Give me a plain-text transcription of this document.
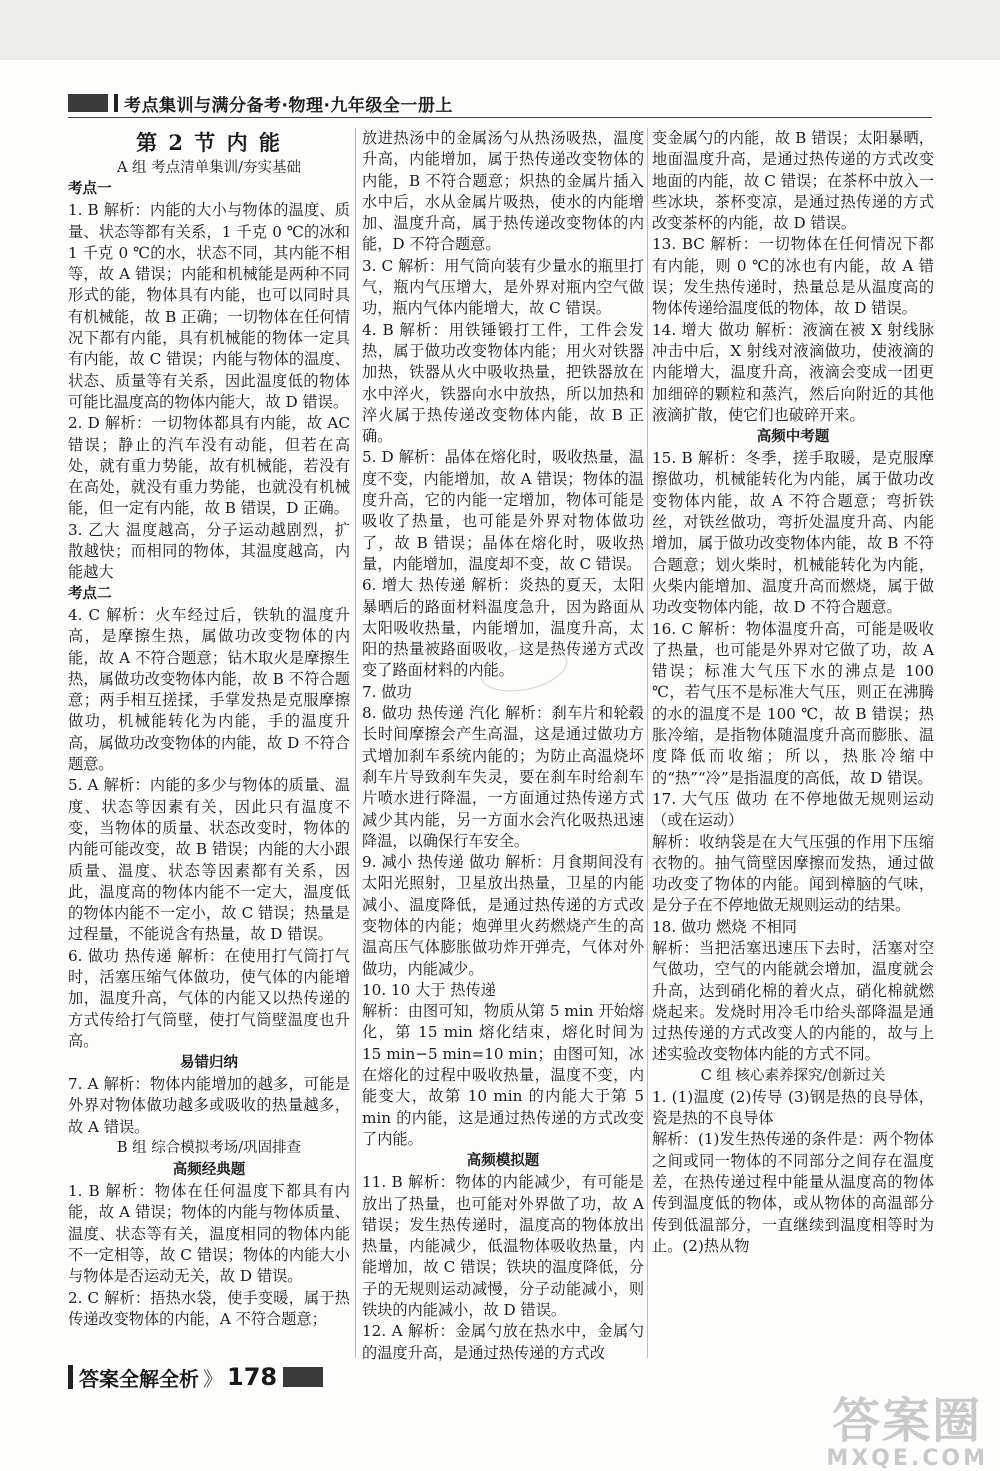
考点集训与满分备考·物理·九年级全一册上
第 2 节 内 能
A 组 考点清单集训/夯实基础
考点一
1. B 解析：内能的大小与物体的温度、质量、状态等都有关系，1 千克 0 ℃的冰和 1 千克 0 ℃的水，状态不同，其内能不相等，故 A 错误；内能和机械能是两种不同形式的能，物体具有内能，也可以同时具有机械能，故 B 正确；一切物体在任何情况下都有内能，具有机械能的物体一定具有内能，故 C 错误；内能与物体的温度、状态、质量等有关系，因此温度低的物体可能比温度高的物体内能大，故 D 错误。
2. D 解析：一切物体都具有内能，故 AC 错误；静止的汽车没有动能，但若在高处，就有重力势能，故有机械能，若没有在高处，就没有重力势能，也就没有机械能，但一定有内能，故 B 错误，D 正确。
3. 乙大 温度越高，分子运动越剧烈，扩散越快；而相同的物体，其温度越高，内能越大
考点二
4. C 解析：火车经过后，铁轨的温度升高，是摩擦生热，属做功改变物体的内能，故 A 不符合题意；钻木取火是摩擦生热，属做功改变物体内能，故 B 不符合题意；两手相互搓揉，手掌发热是克服摩擦做功，机械能转化为内能，手的温度升高，属做功改变物体的内能，故 D 不符合题意。
5. A 解析：内能的多少与物体的质量、温度、状态等因素有关，因此只有温度不变，当物体的质量、状态改变时，物体的内能可能改变，故 B 错误；内能的大小跟质量、温度、状态等因素都有关系，因此，温度高的物体内能不一定大，温度低的物体内能不一定小，故 C 错误；热量是过程量，不能说含有热量，故 D 错误。
6. 做功 热传递 解析：在使用打气筒打气时，活塞压缩气体做功，使气体的内能增加，温度升高，气体的内能又以热传递的方式传给打气筒壁，使打气筒壁温度也升高。
易错归纳
7. A 解析：物体内能增加的越多，可能是外界对物体做功越多或吸收的热量越多，故 A 错误。
B 组 综合模拟考场/巩固排查
高频经典题
1. B 解析：物体在任何温度下都具有内能，故 A 错误；物体的内能与物体质量、温度、状态等有关，温度相同的物体内能不一定相等，故 C 错误；物体的内能大小与物体是否运动无关，故 D 错误。
2. C 解析：捂热水袋，使手变暖，属于热传递改变物体的内能，A 不符合题意；
放进热汤中的金属汤勺从热汤吸热，温度升高，内能增加，属于热传递改变物体的内能，B 不符合题意；炽热的金属片插入水中后，水从金属片吸热，使水的内能增加、温度升高，属于热传递改变物体的内能，D 不符合题意。
3. C 解析：用气筒向装有少量水的瓶里打气，瓶内气压增大，是外界对瓶内空气做功，瓶内气体内能增大，故 C 错误。
4. B 解析：用铁锤锻打工件，工件会发热，属于做功改变物体内能；用火对铁器加热，铁器从火中吸收热量，把铁器放在水中淬火，铁器向水中放热，所以加热和淬火属于热传递改变物体内能，故 B 正确。
5. D 解析：晶体在熔化时，吸收热量，温度不变，内能增加，故 A 错误；物体的温度升高，它的内能一定增加，物体可能是吸收了热量，也可能是外界对物体做功了，故 B 错误；晶体在熔化时，吸收热量，内能增加，温度却不变，故 C 错误。
6. 增大 热传递 解析：炎热的夏天，太阳暴晒后的路面材料温度急升，因为路面从太阳吸收热量，内能增加，温度升高，太阳的热量被路面吸收，这是热传递方式改变了路面材料的内能。
7. 做功
8. 做功 热传递 汽化 解析：刹车片和轮毂长时间摩擦会产生高温，这是通过做功方式增加刹车系统内能的；为防止高温烧坏刹车片导致刹车失灵，要在刹车时给刹车片喷水进行降温，一方面通过热传递方式减少其内能，另一方面水会汽化吸热迅速降温，以确保行车安全。
9. 减小 热传递 做功 解析：月食期间没有太阳光照射，卫星放出热量，卫星的内能减小、温度降低，是通过热传递的方式改变物体的内能；炮弹里火药燃烧产生的高温高压气体膨胀做功炸开弹壳，气体对外做功，内能减少。
10. 10 大于 热传递
解析：由图可知，物质从第 5 min 开始熔化，第 15 min 熔化结束，熔化时间为 15 min−5 min=10 min；由图可知，冰在熔化的过程中吸收热量，温度不变，内能变大，故第 10 min 的内能大于第 5 min 的内能，这是通过热传递的方式改变了内能。
高频模拟题
11. B 解析：物体的内能减少，有可能是放出了热量，也可能对外界做了功，故 A 错误；发生热传递时，温度高的物体放出热量，内能减少，低温物体吸收热量，内能增加，故 C 错误；铁块的温度降低，分子的无规则运动减慢，分子动能减小，则铁块的内能减小，故 D 错误。
12. A 解析：金属勺放在热水中，金属勺的温度升高，是通过热传递的方式改
变金属勺的内能，故 B 错误；太阳暴晒，地面温度升高，是通过热传递的方式改变地面的内能，故 C 错误；在茶杯中放入一些冰块，茶杯变凉，是通过热传递的方式改变茶杯的内能，故 D 错误。
13. BC 解析：一切物体在任何情况下都有内能，则 0 ℃的冰也有内能，故 A 错误；发生热传递时，热量总是从温度高的物体传递给温度低的物体，故 D 错误。
14. 增大 做功 解析：液滴在被 X 射线脉冲击中后，X 射线对液滴做功，使液滴的内能增大，温度升高，液滴会变成一团更加细碎的颗粒和蒸汽，然后向附近的其他液滴扩散，使它们也破碎开来。
高频中考题
15. B 解析：冬季，搓手取暖，是克服摩擦做功，机械能转化为内能，属于做功改变物体内能，故 A 不符合题意；弯折铁丝，对铁丝做功，弯折处温度升高、内能增加，属于做功改变物体内能，故 B 不符合题意；划火柴时，机械能转化为内能，火柴内能增加、温度升高而燃烧，属于做功改变物体内能，故 D 不符合题意。
16. C 解析：物体温度升高，可能是吸收了热量，也可能是外界对它做了功，故 A 错误；标准大气压下水的沸点是 100 ℃，若气压不是标准大气压，则正在沸腾的水的温度不是 100 ℃，故 B 错误；热胀冷缩，是指物体随温度升高而膨胀、温度降低而收缩；所以，热胀冷缩中的“热”“冷”是指温度的高低，故 D 错误。
17. 大气压 做功 在不停地做无规则运动（或在运动）
解析：收纳袋是在大气压强的作用下压缩衣物的。抽气筒壁因摩擦而发热，通过做功改变了物体的内能。闻到樟脑的气味，是分子在不停地做无规则运动的结果。
18. 做功 燃烧 不相同
解析：当把活塞迅速压下去时，活塞对空气做功，空气的内能就会增加，温度就会升高，达到硝化棉的着火点，硝化棉就燃烧起来。发烧时用冷毛巾给头部降温是通过热传递的方式改变人的内能的，故与上述实验改变物体内能的方式不同。
C 组 核心素养探究/创新过关
1. (1)温度 (2)传导 (3)钢是热的良导体，瓷是热的不良导体
解析：(1)发生热传递的条件是：两个物体之间或同一物体的不同部分之间存在温度差，在热传递过程中能量从温度高的物体传到温度低的物体，或从物体的高温部分传到低温部分，一直继续到温度相等时为止。(2)热从物
答案全解全析 》 178
答案圈
MXQE.COM
